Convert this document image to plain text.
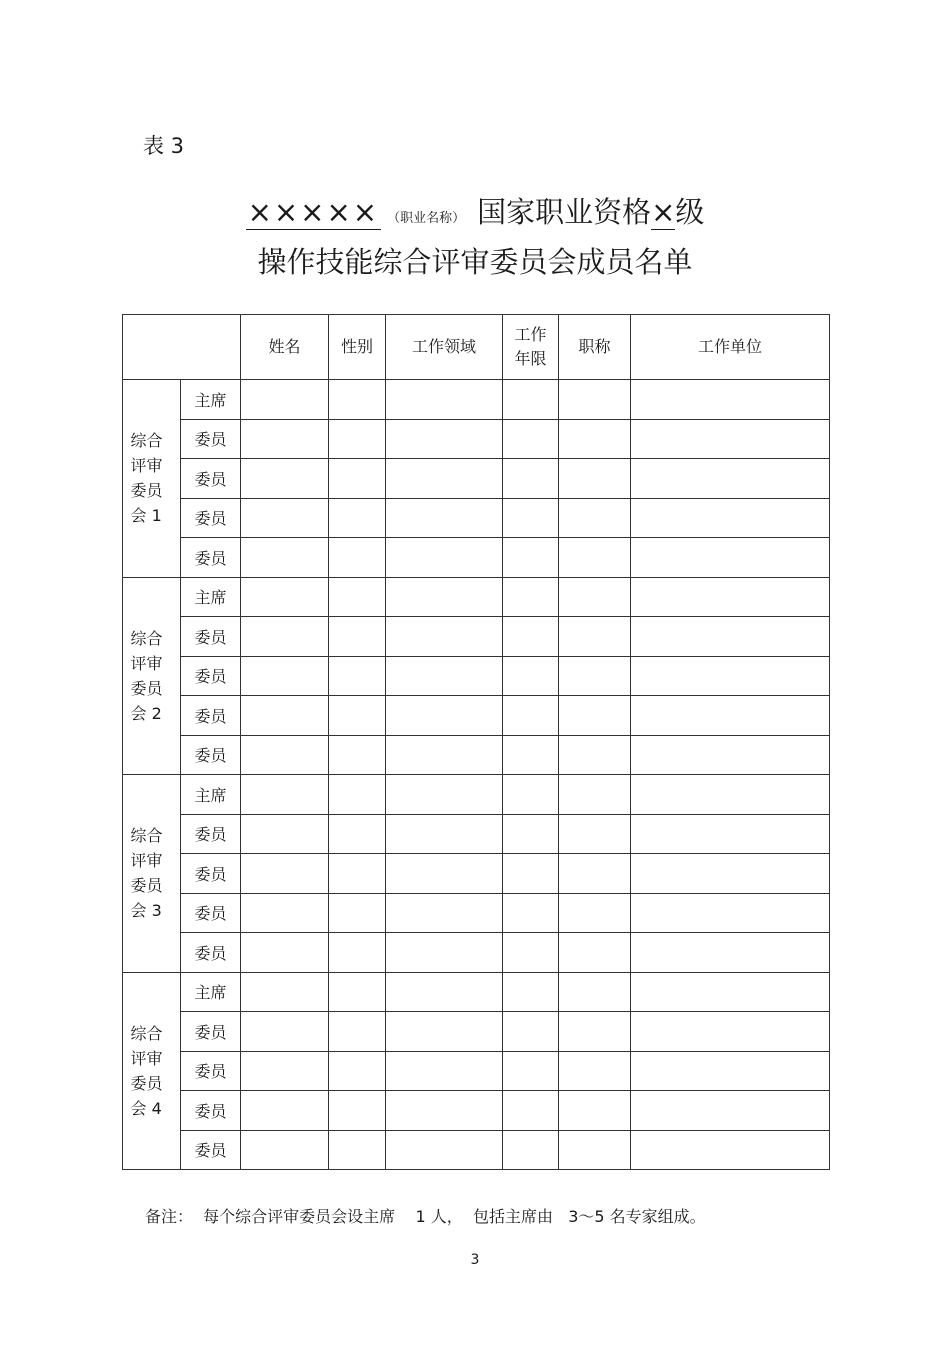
表 3
××××× （职业名称） 国家职业资格×级
操作技能综合评审委员会成员名单
		姓名	性别	工作领域	工作年限	职称	工作单位

综合评审委员会 1	主席						
	委员						
	委员						
	委员						
	委员						

综合评审委员会 2	主席						
	委员						
	委员						
	委员						
	委员						

综合评审委员会 3	主席						
	委员						
	委员						
	委员						
	委员						

综合评审委员会 4	主席						
	委员						
	委员						
	委员						
	委员						
备注：  每个综合评审委员会设主席    1 人，  包括主席由   3～5 名专家组成。
3
